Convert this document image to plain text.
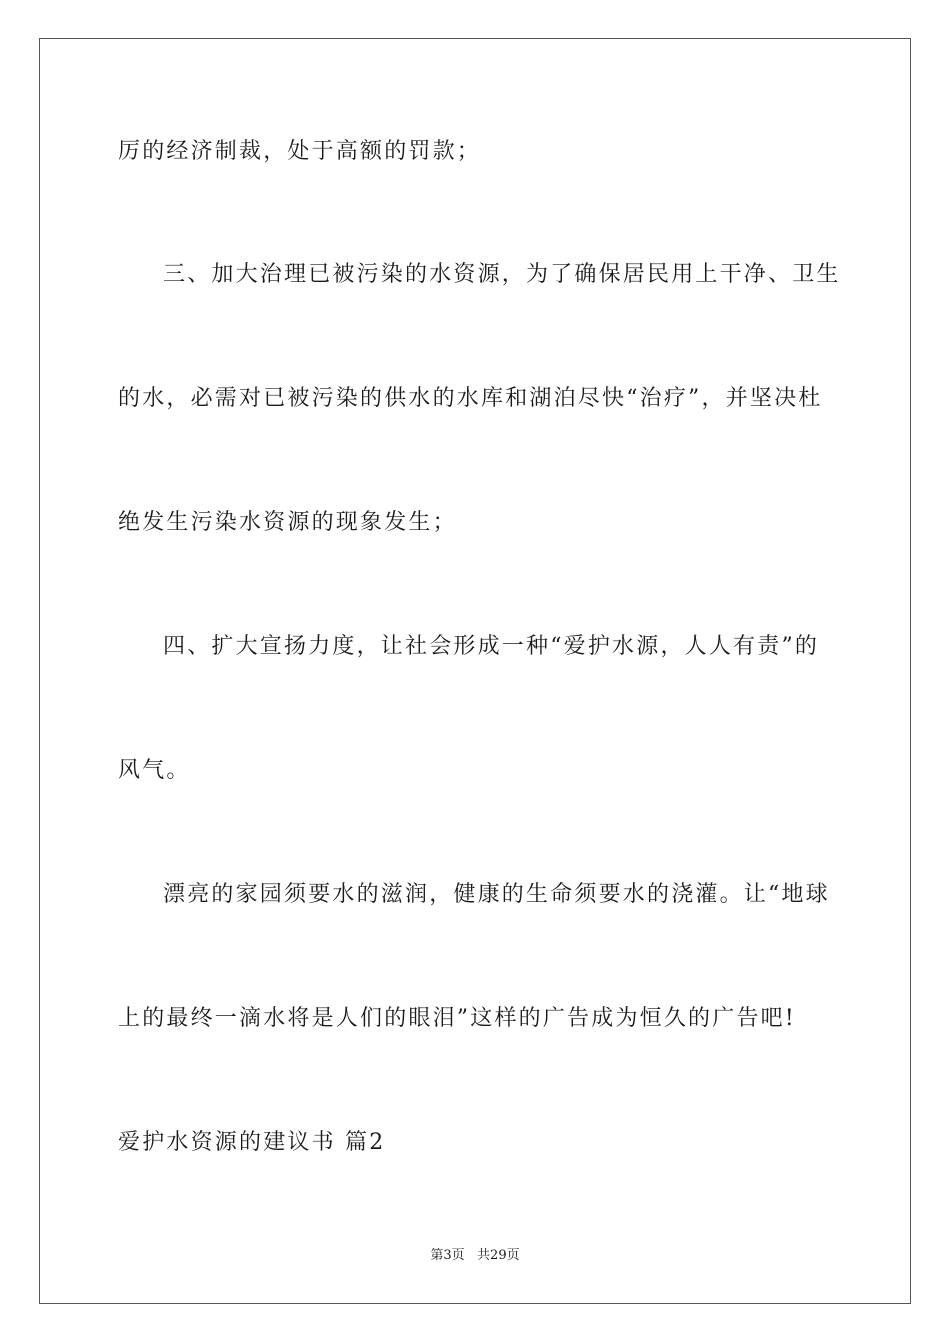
厉的经济制裁，处于高额的罚款；
三、加大治理已被污染的水资源，为了确保居民用上干净、卫生
的水，必需对已被污染的供水的水库和湖泊尽快“治疗”，并坚决杜
绝发生污染水资源的现象发生；
四、扩大宣扬力度，让社会形成一种“爱护水源，人人有责”的
风气。
漂亮的家园须要水的滋润，健康的生命须要水的浇灌。让“地球
上的最终一滴水将是人们的眼泪”这样的广告成为恒久的广告吧!
爱护水资源的建议书 篇2
第3页   共29页
